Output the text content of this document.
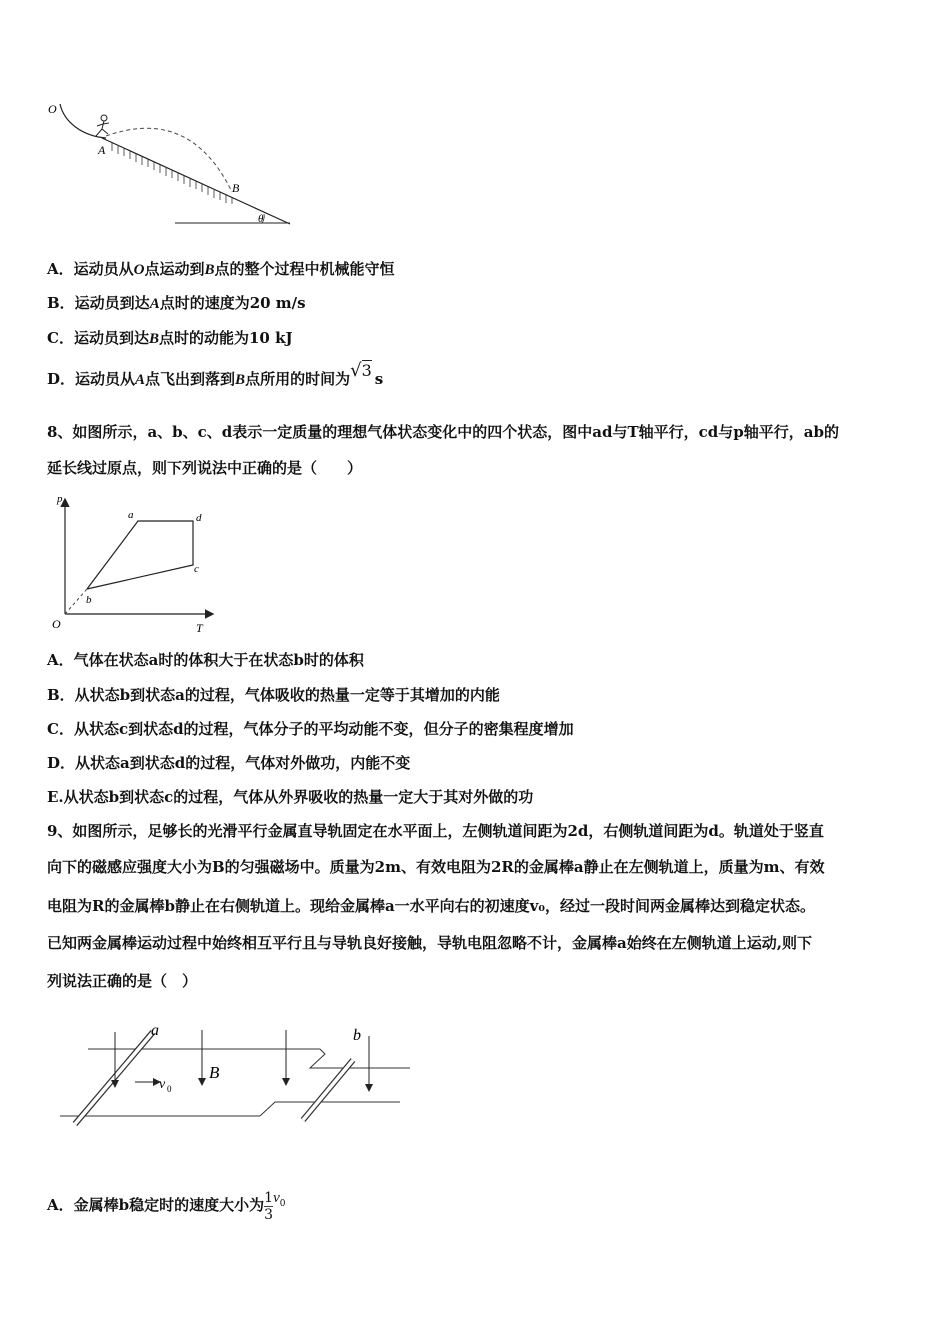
O
A
B
θ
A．运动员从O点运动到B点的整个过程中机械能守恒
B．运动员到达A点时的速度为20 m/s
C．运动员到达B点时的动能为10 kJ
D．运动员从A点飞出到落到B点所用的时间为√3 s
8、如图所示，a、b、c、d表示一定质量的理想气体状态变化中的四个状态，图中ad与T轴平行，cd与p轴平行，ab的
延长线过原点，则下列说法中正确的是（　　）
p
T
O
a
b
c
d
A．气体在状态a时的体积大于在状态b时的体积
B．从状态b到状态a的过程，气体吸收的热量一定等于其增加的内能
C．从状态c到状态d的过程，气体分子的平均动能不变，但分子的密集程度增加
D．从状态a到状态d的过程，气体对外做功，内能不变
E.从状态b到状态c的过程，气体从外界吸收的热量一定大于其对外做的功
9、如图所示，足够长的光滑平行金属直导轨固定在水平面上，左侧轨道间距为2d，右侧轨道间距为d。轨道处于竖直
向下的磁感应强度大小为B的匀强磁场中。质量为2m、有效电阻为2R的金属棒a静止在左侧轨道上，质量为m、有效
电阻为R的金属棒b静止在右侧轨道上。现给金属棒a一水平向右的初速度v₀，经过一段时间两金属棒达到稳定状态。
已知两金属棒运动过程中始终相互平行且与导轨良好接触，导轨电阻忽略不计，金属棒a始终在左侧轨道上运动,则下
列说法正确的是（　）
a	b
B
v 0
A．金属棒b稳定时的速度大小为 $\frac{1}{3} v^0$
